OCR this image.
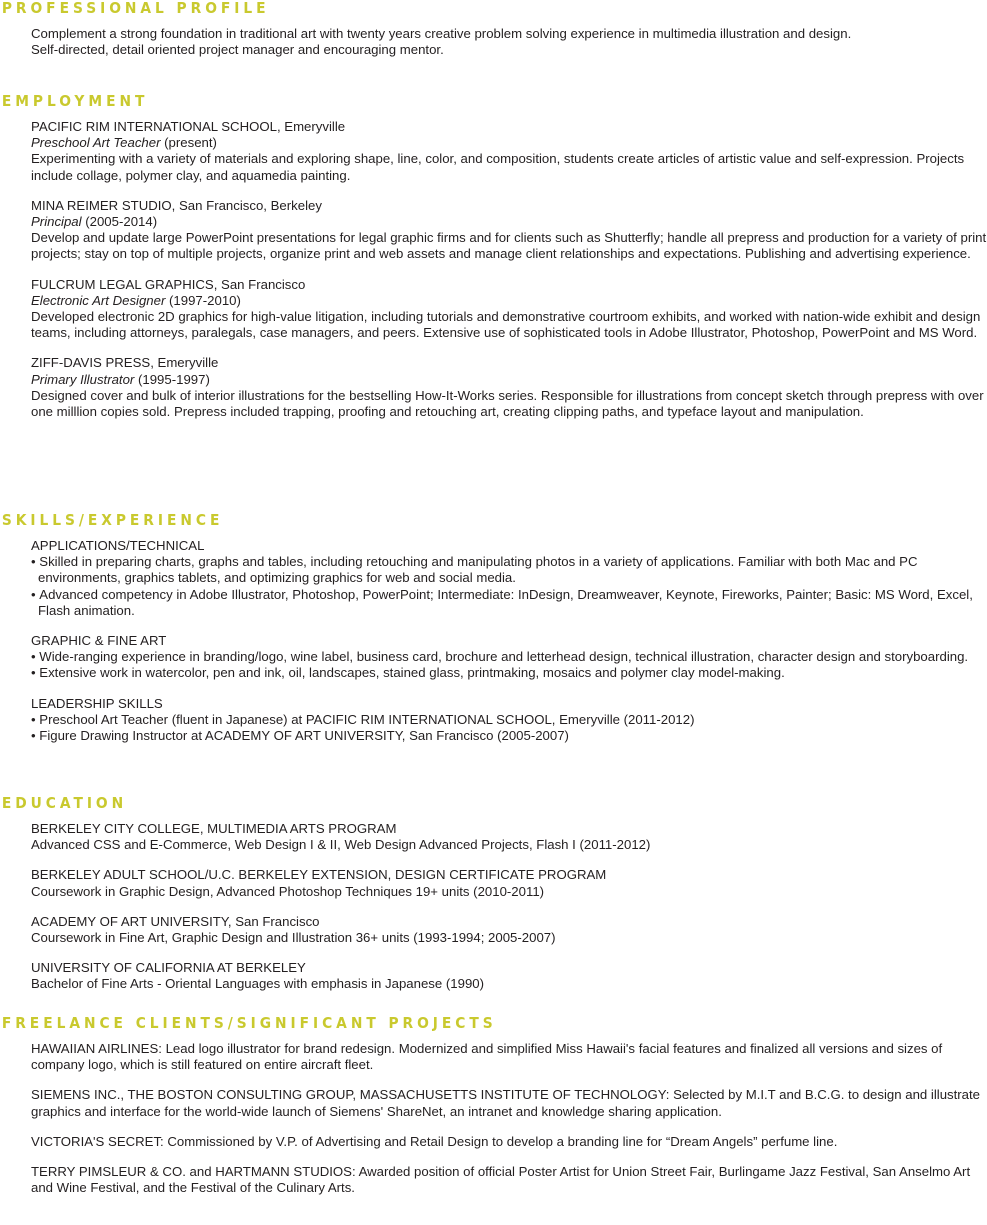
PROFESSIONAL PROFILE

Complement a strong foundation in traditional art with twenty years creative problem solving experience in multimedia illustration and design.

Self-directed, detail oriented project manager and encouraging mentor.

EMPLOYMENT

PACIFIC RIM INTERNATIONAL SCHOOL, Emeryville

Preschool Art Teacher (present)

Experimenting with a variety of materials and exploring shape, line, color, and composition, students create articles of artistic value and self-expression. Projects include collage, polymer clay, and aquamedia painting.

MINA REIMER STUDIO, San Francisco, Berkeley

Principal (2005-2014)

Develop and update large PowerPoint presentations for legal graphic firms and for clients such as Shutterfly; handle all prepress and production for a variety of print projects; stay on top of multiple projects, organize print and web assets and manage client relationships and expectations. Publishing and advertising experience.

FULCRUM LEGAL GRAPHICS, San Francisco

Electronic Art Designer (1997-2010)

Developed electronic 2D graphics for high-value litigation, including tutorials and demonstrative courtroom exhibits, and worked with nation-wide exhibit and design teams, including attorneys, paralegals, case managers, and peers. Extensive use of sophisticated tools in Adobe Illustrator, Photoshop, PowerPoint and MS Word.

ZIFF-DAVIS PRESS, Emeryville

Primary Illustrator (1995-1997)

Designed cover and bulk of interior illustrations for the bestselling How-It-Works series. Responsible for illustrations from concept sketch through prepress with over one milllion copies sold. Prepress included trapping, proofing and retouching art, creating clipping paths, and typeface layout and manipulation.

SKILLS/EXPERIENCE

APPLICATIONS/TECHNICAL

• Skilled in preparing charts, graphs and tables, including retouching and manipulating photos in a variety of applications. Familiar with both Mac and PC environments, graphics tablets, and optimizing graphics for web and social media.

• Advanced competency in Adobe Illustrator, Photoshop, PowerPoint; Intermediate: InDesign, Dreamweaver, Keynote, Fireworks, Painter; Basic: MS Word, Excel, Flash animation.

GRAPHIC & FINE ART

• Wide-ranging experience in branding/logo, wine label, business card, brochure and letterhead design, technical illustration, character design and storyboarding.

• Extensive work in watercolor, pen and ink, oil, landscapes, stained glass, printmaking, mosaics and polymer clay model-making.

LEADERSHIP SKILLS

• Preschool Art Teacher (fluent in Japanese) at PACIFIC RIM INTERNATIONAL SCHOOL, Emeryville (2011-2012)

• Figure Drawing Instructor at ACADEMY OF ART UNIVERSITY, San Francisco (2005-2007)

EDUCATION

BERKELEY CITY COLLEGE, MULTIMEDIA ARTS PROGRAM

Advanced CSS and E-Commerce, Web Design I & II, Web Design Advanced Projects, Flash I (2011-2012)

BERKELEY ADULT SCHOOL/U.C. BERKELEY EXTENSION, DESIGN CERTIFICATE PROGRAM

Coursework in Graphic Design, Advanced Photoshop Techniques 19+ units (2010-2011)

ACADEMY OF ART UNIVERSITY, San Francisco

Coursework in Fine Art, Graphic Design and Illustration 36+ units (1993-1994; 2005-2007)

UNIVERSITY OF CALIFORNIA AT BERKELEY

Bachelor of Fine Arts - Oriental Languages with emphasis in Japanese (1990)

FREELANCE CLIENTS/SIGNIFICANT PROJECTS

HAWAIIAN AIRLINES: Lead logo illustrator for brand redesign. Modernized and simplified Miss Hawaii's facial features and finalized all versions and sizes of company logo, which is still featured on entire aircraft fleet.

SIEMENS INC., THE BOSTON CONSULTING GROUP, MASSACHUSETTS INSTITUTE OF TECHNOLOGY: Selected by M.I.T and B.C.G. to design and illustrate graphics and interface for the world-wide launch of Siemens' ShareNet, an intranet and knowledge sharing application.

VICTORIA'S SECRET: Commissioned by V.P. of Advertising and Retail Design to develop a branding line for “Dream Angels” perfume line.

TERRY PIMSLEUR & CO. and HARTMANN STUDIOS: Awarded position of official Poster Artist for Union Street Fair, Burlingame Jazz Festival, San Anselmo Art and Wine Festival, and the Festival of the Culinary Arts.
